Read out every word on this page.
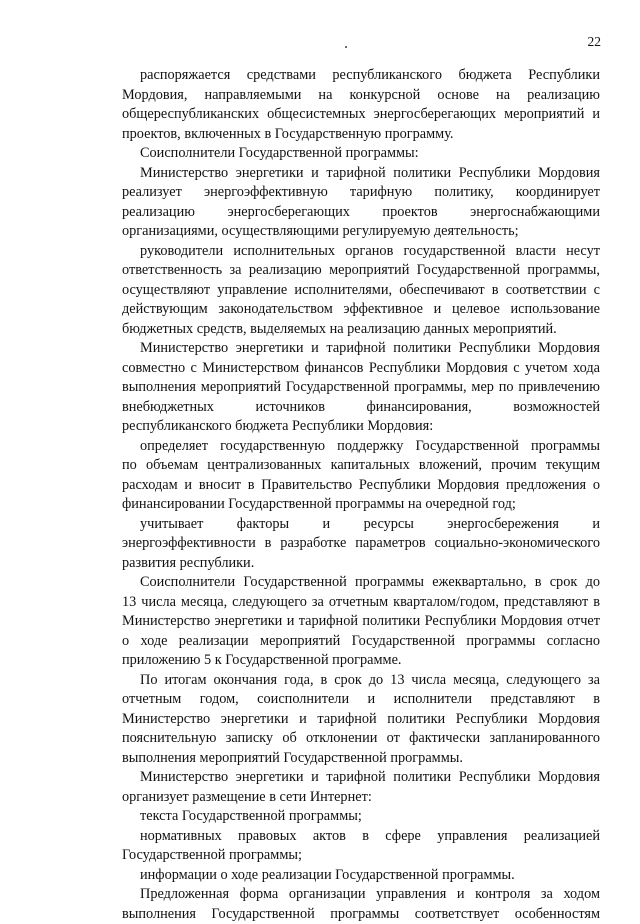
22
распоряжается средствами республиканского бюджета Республики
Мордовия, направляемыми на конкурсной основе на реализацию
общереспубликанских общесистемных энергосберегающих мероприятий и
проектов, включенных в Государственную программу.
Соисполнители Государственной программы:
Министерство энергетики и тарифной политики Республики Мордовия
реализует энергоэффективную тарифную политику, координирует
реализацию энергосберегающих проектов энергоснабжающими
организациями, осуществляющими регулируемую деятельность;
руководители исполнительных органов государственной власти несут
ответственность за реализацию мероприятий Государственной программы,
осуществляют управление исполнителями, обеспечивают в соответствии с
действующим законодательством эффективное и целевое использование
бюджетных средств, выделяемых на реализацию данных мероприятий.
Министерство энергетики и тарифной политики Республики Мордовия
совместно с Министерством финансов Республики Мордовия с учетом хода
выполнения мероприятий Государственной программы, мер по привлечению
внебюджетных источников финансирования, возможностей
республиканского бюджета Республики Мордовия:
определяет государственную поддержку Государственной программы
по объемам централизованных капитальных вложений, прочим текущим
расходам и вносит в Правительство Республики Мордовия предложения о
финансировании Государственной программы на очередной год;
учитывает факторы и ресурсы энергосбережения и
энергоэффективности в разработке параметров социально-экономического
развития республики.
Соисполнители Государственной программы ежеквартально, в срок до
13 числа месяца, следующего за отчетным кварталом/годом, представляют в
Министерство энергетики и тарифной политики Республики Мордовия отчет
о ходе реализации мероприятий Государственной программы согласно
приложению 5 к Государственной программе.
По итогам окончания года, в срок до 13 числа месяца, следующего за
отчетным годом, соисполнители и исполнители представляют в
Министерство энергетики и тарифной политики Республики Мордовия
пояснительную записку об отклонении от фактически запланированного
выполнения мероприятий Государственной программы.
Министерство энергетики и тарифной политики Республики Мордовия
организует размещение в сети Интернет:
текста Государственной программы;
нормативных правовых актов в сфере управления реализацией
Государственной программы;
информации о ходе реализации Государственной программы.
Предложенная форма организации управления и контроля за ходом
выполнения Государственной программы соответствует особенностям
